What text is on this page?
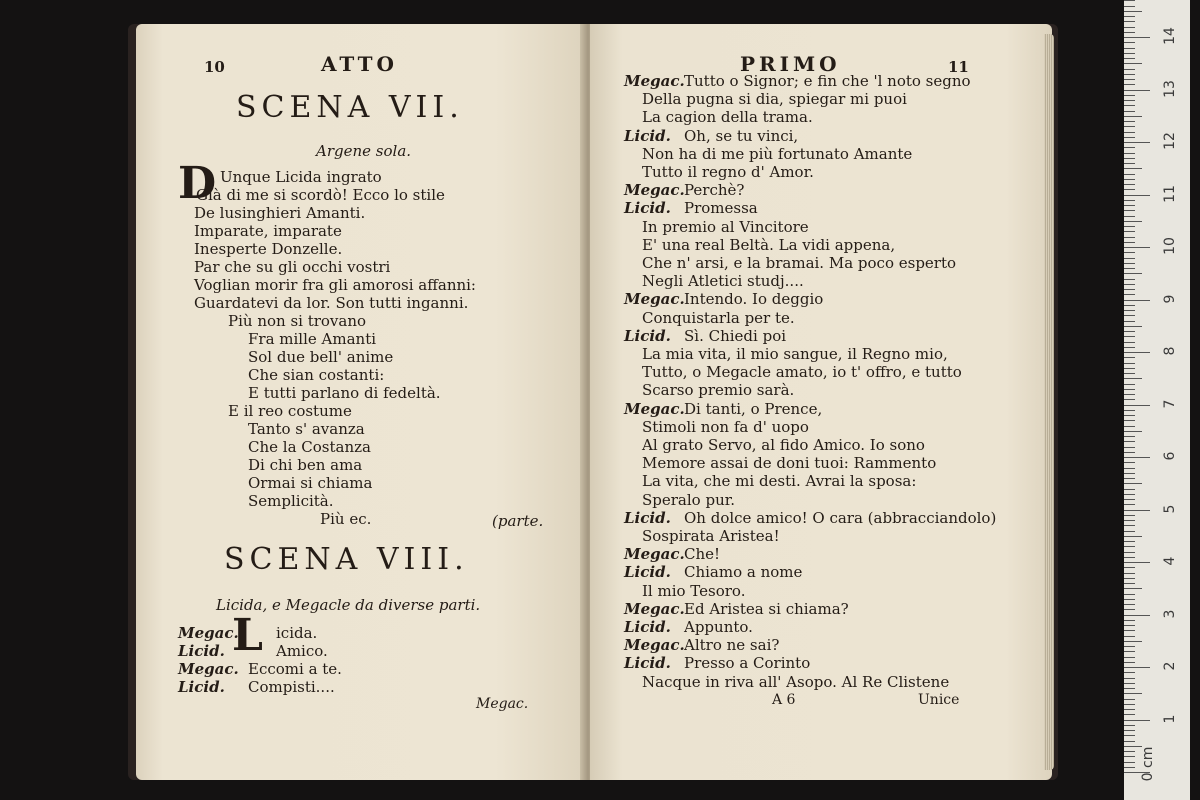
10	ATTO
SCENA VII.
Argene sola.
D Unque Licida ingrato
Già di me si scordò! Ecco lo stile
De lusinghieri Amanti.
Imparate, imparate
Inesperte Donzelle.
Par che su gli occhi vostri
Voglian morir fra gli amorosi affanni:
Guardatevi da lor. Son tutti inganni.
Più non si trovano
Fra mille Amanti
Sol due bell' anime
Che sian costanti:
E tutti parlano di fedeltà.
E il reo costume
Tanto s' avanza
Che la Costanza
Di chi ben ama
Ormai si chiama
Semplicità.
Più ec.	(parte.
SCENA VIII.
Licida, e Megacle da diverse parti.
L
Megac. icida.
Licid.	Amico.
Megac. Eccomi a te.
Licid. Compisti....
Megac.
PRIMO	11
Megac. Tutto o Signor; e fin che 'l noto segno
Della pugna si dia, spiegar mi puoi
La cagion della trama.
Licid. Oh, se tu vinci,
Non ha di me più fortunato Amante
Tutto il regno d' Amor.
Megac. Perchè?
Licid. Promessa
In premio al Vincitore
E' una real Beltà. La vidi appena,
Che n' arsi, e la bramai. Ma poco esperto
Negli Atletici studj....
Megac. Intendo. Io deggio
Conquistarla per te.
Licid. Sì. Chiedi poi
La mia vita, il mio sangue, il Regno mio,
Tutto, o Megacle amato, io t' offro, e tutto
Scarso premio sarà.
Megac. Di tanti, o Prence,
Stimoli non fa d' uopo
Al grato Servo, al fido Amico. Io sono
Memore assai de doni tuoi: Rammento
La vita, che mi desti. Avrai la sposa:
Speralo pur.
Licid. Oh dolce amico! O cara (abbracciandolo)
Sospirata Aristea!
Megac. Che!
Licid. Chiamo a nome
Il mio Tesoro.
Megac. Ed Aristea si chiama?
Licid. Appunto.
Megac. Altro ne sai?
Licid. Presso a Corinto
Nacque in riva all' Asopo. Al Re Clistene
A 6	Unice
1
2
3
4
5
6
7
8
9
10
11
12
13
14
0 cm
